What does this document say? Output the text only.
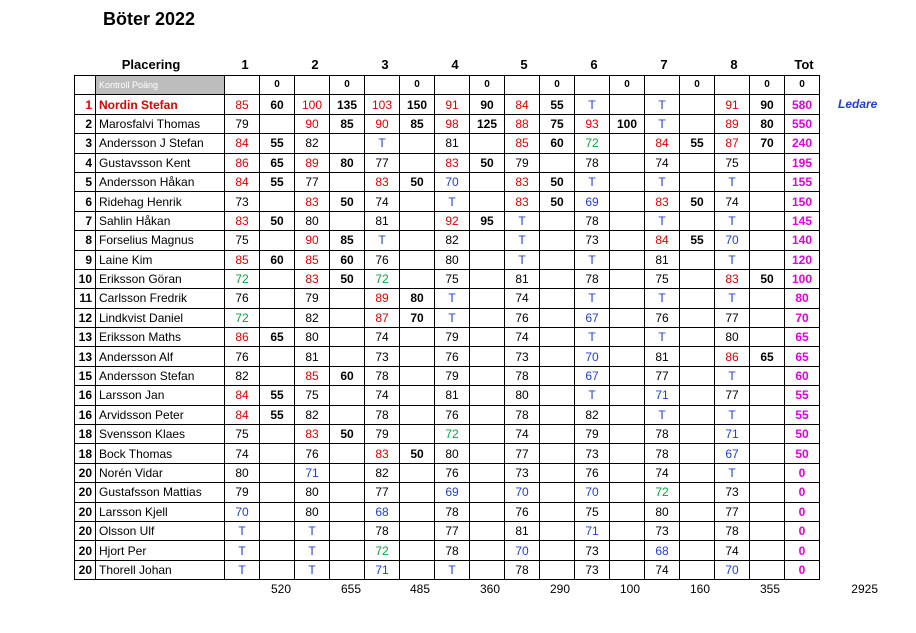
Böter 2022
Placering	1	2	3	4	5	6	7	8	Tot
Ledare
	Kontroll Poäng		0		0		0		0		0		0		0		0	0
1	Nordin Stefan	85	60	100	135	103	150	91	90	84	55	T		T		91	90	580
2	Marosfalvi Thomas	79		90	85	90	85	98	125	88	75	93	100	T		89	80	550
3	Andersson J Stefan	84	55	82		T		81		85	60	72		84	55	87	70	240
4	Gustavsson Kent	86	65	89	80	77		83	50	79		78		74		75		195
5	Andersson Håkan	84	55	77		83	50	70		83	50	T		T		T		155
6	Ridehag Henrik	73		83	50	74		T		83	50	69		83	50	74		150
7	Sahlin Håkan	83	50	80		81		92	95	T		78		T		T		145
8	Forselius Magnus	75		90	85	T		82		T		73		84	55	70		140
9	Laine Kim	85	60	85	60	76		80		T		T		81		T		120
10	Eriksson Göran	72		83	50	72		75		81		78		75		83	50	100
11	Carlsson Fredrik	76		79		89	80	T		74		T		T		T		80
12	Lindkvist Daniel	72		82		87	70	T		76		67		76		77		70
13	Eriksson Maths	86	65	80		74		79		74		T		T		80		65
13	Andersson Alf	76		81		73		76		73		70		81		86	65	65
15	Andersson Stefan	82		85	60	78		79		78		67		77		T		60
16	Larsson Jan	84	55	75		74		81		80		T		71		77		55
16	Arvidsson Peter	84	55	82		78		76		78		82		T		T		55
18	Svensson Klaes	75		83	50	79		72		74		79		78		71		50
18	Bock Thomas	74		76		83	50	80		77		73		78		67		50
20	Norén Vidar	80		71		82		76		73		76		74		T		0
20	Gustafsson Mattias	79		80		77		69		70		70		72		73		0
20	Larsson Kjell	70		80		68		78		76		75		80		77		0
20	Olsson Ulf	T		T		78		77		81		71		73		78		0
20	Hjort Per	T		T		72		78		70		73		68		74		0
20	Thorell Johan	T		T		71		T		78		73		74		70		0
520	655	485	360	290	100	160	355	2925
